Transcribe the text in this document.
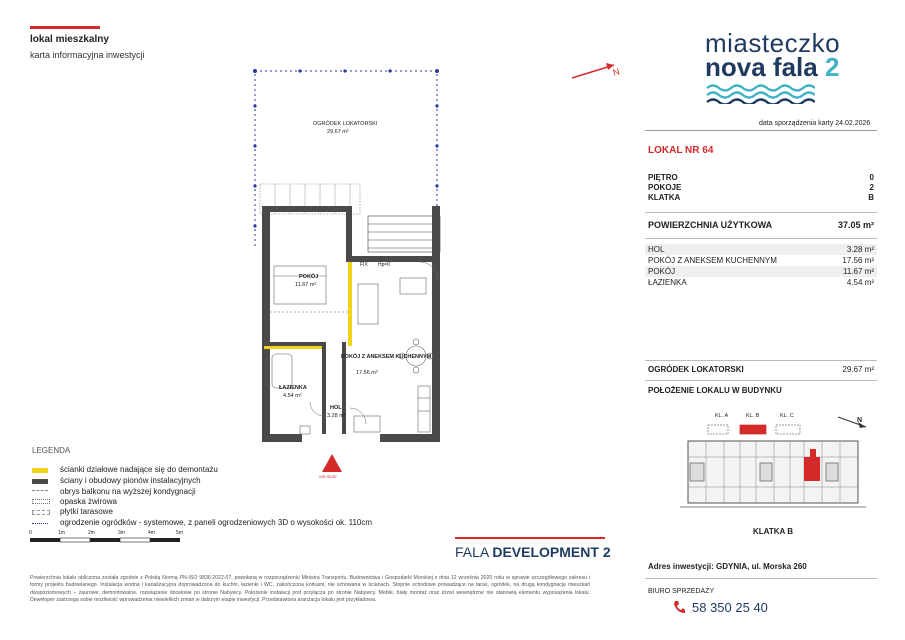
lokal mieszkalny
karta informacyjna inwestycji	miasteczko
nova fala 2
N
data sporządzenia karty 24.02.2026
LOKAL NR 64
PIĘTRO	0
POKOJE	2
KLATKA	B
POWIERZCHNIA UŻYTKOWA	37.05 m²
HOL	3.28 m²
POKÓJ Z ANEKSEM KUCHENNYM	17.56 m²
POKÓJ	11.67 m²
ŁAZIENKA	4.54 m²
OGRÓDEK LOKATORSKI	29.67 m²
POŁOŻENIE LOKALU W BUDYNKU
KL. A	KL. B	KL. C
N
KLATKA B
Adres inwestycji: GDYNIA, ul. Morska 260
BIURO SPRZEDAŻY
58 350 25 40
OGRÓDEK LOKATORSKI
29.67 m²
POKÓJ
11.67 m²
POKÓJ Z ANEKSEM KUCHENNYM
17.56 m²
ŁAZIENKA
4.54 m²
HOL
3.28 m²
FIX Hp=0
WEJŚCIE
LEGENDA
ścianki działowe nadające się do demontażu
ściany i obudowy pionów instalacyjnych
obrys balkonu na wyższej kondygnacji
opaska żwirowa
płytki tarasowe
ogrodzenie ogródków - systemowe, z paneli ogrodzeniowych 3D o wysokości ok. 110cm
0	1m	2m	3m	4m	5m
FALA DEVELOPMENT 2
Powierzchnia lokalu obliczona została zgodnie z Polską Normą PN-ISO 9836:2022-07, powołaną w rozporządzeniu Ministra Transportu, Budownictwa i Gospodarki Morskiej z dnia 12 września 2020 roku w sprawie szczegółowego zakresu i formy projektu budowlanego. Instalacja wodna i kanalizacyjna doprowadzona do kuchni, łazienki i WC, zakończona korkami, nie schowana w ścianach. Stopnie schodowe prowadzące na taras, ogródek, na drugą kondygnację mieszkań dwupoziomowych – zaurowe; demontowalne, rozwiązanie docelowe po stronie Nabywcy. Położenie instalacji pod przyłącza po stronie Nabywcy. Meble, biały montaż oraz drzwi wewnętrzne nie stanowią elementu wyposażenia lokalu. Deweloper zastrzega sobie możliwość wprowadzenia niewielkich zmian w dalszym etapie inwestycji. Przedstawiona aranżacja lokalu jest przykładowa.
